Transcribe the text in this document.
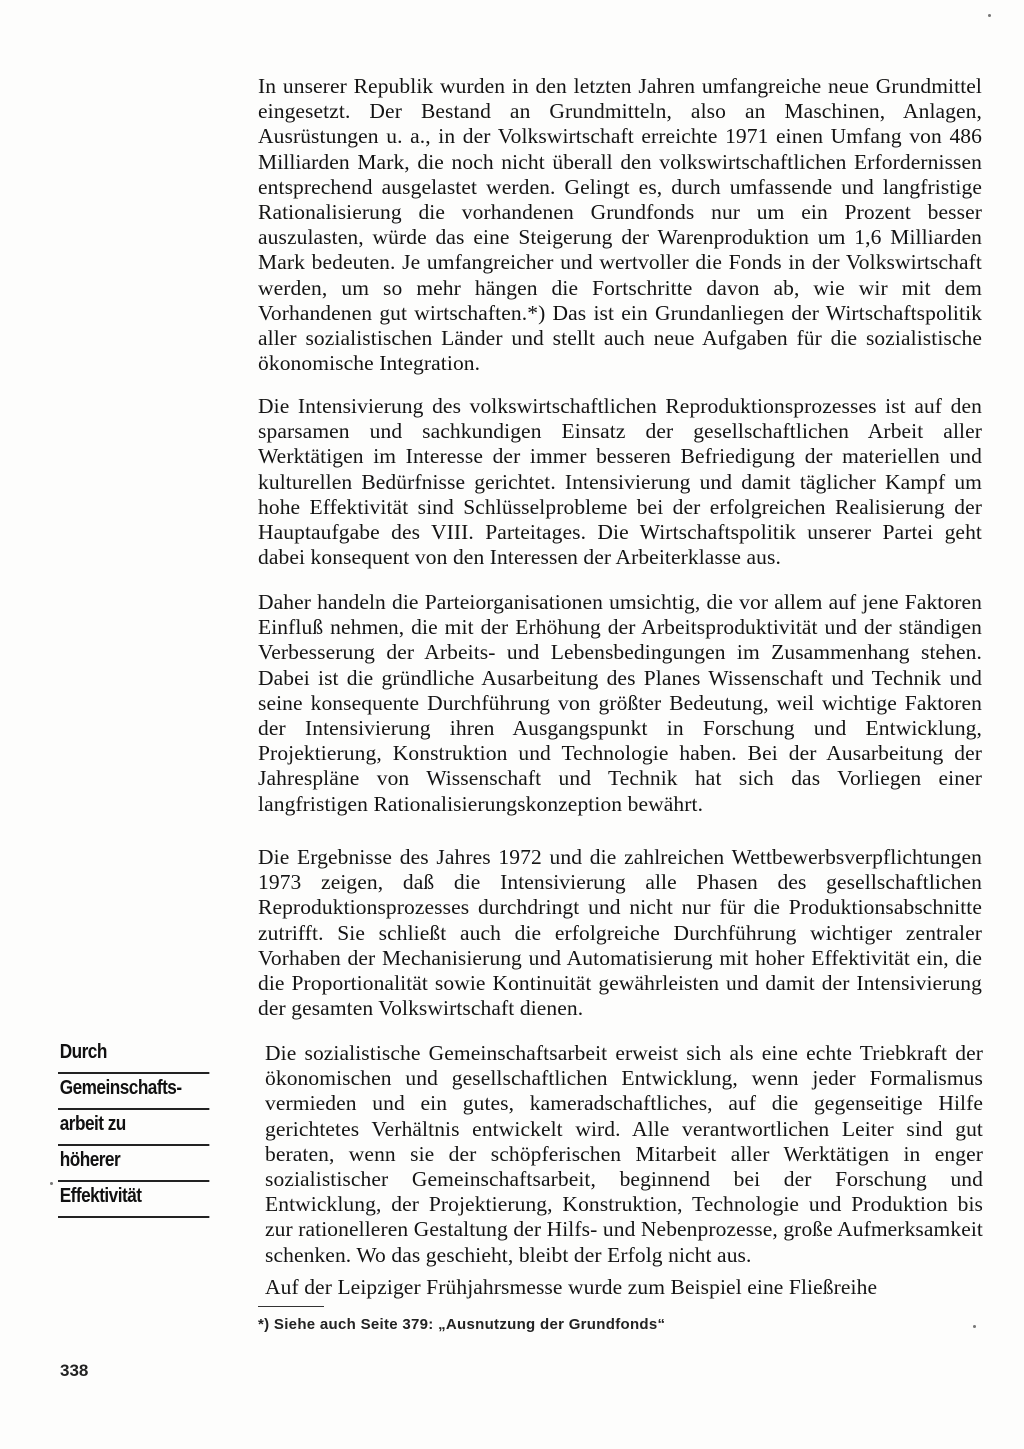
In unserer Republik wurden in den letzten Jahren umfangreiche neue Grundmittel eingesetzt. Der Bestand an Grundmitteln, also an Maschinen, Anlagen, Ausrüstungen u. a., in der Volkswirtschaft erreichte 1971 einen Umfang von 486 Milliarden Mark, die noch nicht überall den volkswirtschaftlichen Erfordernissen entsprechend ausgelastet werden. Gelingt es, durch umfassende und langfristige Rationalisierung die vorhandenen Grundfonds nur um ein Prozent besser auszulasten, würde das eine Steigerung der Warenproduktion um 1,6 Milliarden Mark bedeuten. Je umfangreicher und wertvoller die Fonds in der Volkswirtschaft werden, um so mehr hängen die Fortschritte davon ab, wie wir mit dem Vorhandenen gut wirtschaften.*) Das ist ein Grundanliegen der Wirtschaftspolitik aller sozialistischen Länder und stellt auch neue Aufgaben für die sozialistische ökonomische Integration.

Die Intensivierung des volkswirtschaftlichen Reproduktionsprozesses ist auf den sparsamen und sachkundigen Einsatz der gesellschaftlichen Arbeit aller Werktätigen im Interesse der immer besseren Befriedigung der materiellen und kulturellen Bedürfnisse gerichtet. Intensivierung und damit täglicher Kampf um hohe Effektivität sind Schlüsselprobleme bei der erfolgreichen Realisierung der Hauptaufgabe des VIII. Parteitages. Die Wirtschaftspolitik unserer Partei geht dabei konsequent von den Interessen der Arbeiterklasse aus.

Daher handeln die Parteiorganisationen umsichtig, die vor allem auf jene Faktoren Einfluß nehmen, die mit der Erhöhung der Arbeitsproduktivität und der ständigen Verbesserung der Arbeits- und Lebensbedingungen im Zusammenhang stehen. Dabei ist die gründliche Ausarbeitung des Planes Wissenschaft und Technik und seine konsequente Durchführung von größter Bedeutung, weil wichtige Faktoren der Intensivierung ihren Ausgangspunkt in Forschung und Entwicklung, Projektierung, Konstruktion und Technologie haben. Bei der Ausarbeitung der Jahrespläne von Wissenschaft und Technik hat sich das Vorliegen einer langfristigen Rationalisierungskonzeption bewährt.

Die Ergebnisse des Jahres 1972 und die zahlreichen Wettbewerbsverpflichtungen 1973 zeigen, daß die Intensivierung alle Phasen des gesellschaftlichen Reproduktionsprozesses durchdringt und nicht nur für die Produktionsabschnitte zutrifft. Sie schließt auch die erfolgreiche Durchführung wichtiger zentraler Vorhaben der Mechanisierung und Automatisierung mit hoher Effektivität ein, die die Proportionalität sowie Kontinuität gewährleisten und damit der Intensivierung der gesamten Volkswirtschaft dienen.

Die sozialistische Gemeinschaftsarbeit erweist sich als eine echte Triebkraft der ökonomischen und gesellschaftlichen Entwicklung, wenn jeder Formalismus vermieden und ein gutes, kameradschaftliches, auf die gegenseitige Hilfe gerichtetes Verhältnis entwickelt wird. Alle verantwortlichen Leiter sind gut beraten, wenn sie der schöpferischen Mitarbeit aller Werktätigen in enger sozialistischer Gemeinschaftsarbeit, beginnend bei der Forschung und Entwicklung, der Projektierung, Konstruktion, Technologie und Produktion bis zur rationelleren Gestaltung der Hilfs- und Nebenprozesse, große Aufmerksamkeit schenken. Wo das geschieht, bleibt der Erfolg nicht aus.

Auf der Leipziger Frühjahrsmesse wurde zum Beispiel eine Fließreihe

Durch
Gemeinschafts-
arbeit zu
höherer
Effektivität
*) Siehe auch Seite 379: „Ausnutzung der Grundfonds“
338
